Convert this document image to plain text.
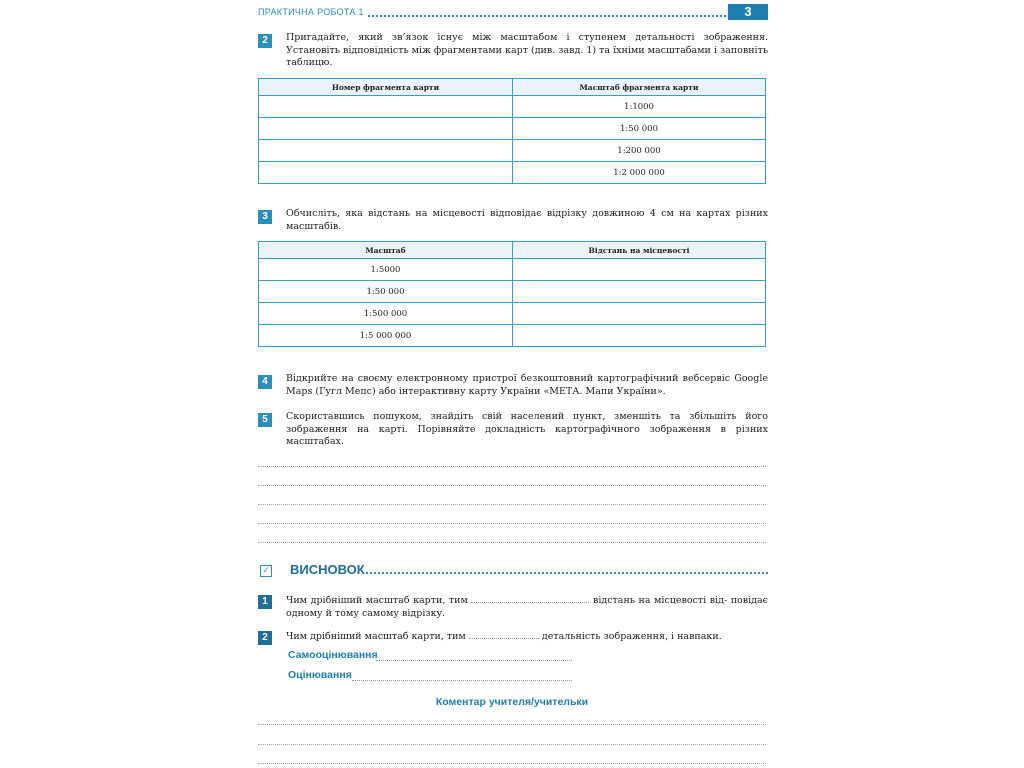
ПРАКТИЧНА РОБОТА 1	3
2	Пригадайте, який зв’язок існує між масштабом і ступенем детальності зображення. Установіть відповідність між фрагментами карт (див. завд. 1) та їхніми масштабами і заповніть таблицю.
Номер фрагмента карти	Масштаб фрагмента карти
	1:1000
	1:50 000
	1:200 000
	1:2 000 000
3	Обчисліть, яка відстань на місцевості відповідає відрізку довжиною 4 см на картах різних масштабів.
Масштаб	Відстань на місцевості
1:5000	
1:50 000	
1:500 000	
1:5 000 000	
4	Відкрийте на своєму електронному пристрої безкоштовний картографічний вебсервіс Google Maps (Гугл Мепс) або інтерактивну карту України «МЕТА. Мапи України».
5	Скориставшись пошуком, знайдіть свій населений пункт, зменшіть та збільшіть його зображення на карті. Порівняйте докладність картографічного зображення в різних масштабах.
✓ ВИСНОВОК
1	Чим дрібніший масштаб карти, тим	відстань на місцевості від- повідає одному й тому самому відрізку.
2	Чим дрібніший масштаб карти, тим	детальність зображення, і навпаки.
Самооцінювання
Оцінювання
Коментар учителя/учительки
